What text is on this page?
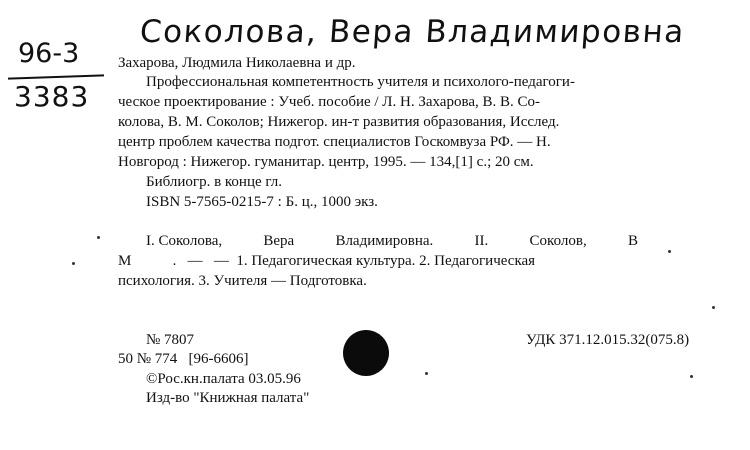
Соколова, Вера Владимировна
96-3
3383
Захарова, Людмила Николаевна и др.
Профессиональная компетентность учителя и психолого-педагоги-
ческое проектирование : Учеб. пособие / Л. Н. Захарова, В. В. Со-
колова, В. М. Соколов; Нижегор. ин-т развития образования, Исслед.
центр проблем качества подгот. специалистов Госкомвуза РФ. — Н.
Новгород : Нижегор. гуманитар. центр, 1995. — 134,[1] с.; 20 см.
Библиогр. в конце гл.
ISBN 5-7565-0215-7 : Б. ц., 1000 экз.
I. Соколова,	Вера	Владимировна.	II.	Соколов,	В
М           .   —   —  1. Педагогическая культура. 2. Педагогическая
психология. 3. Учителя — Подготовка.
№ 7807	УДК 371.12.015.32(075.8)
50 № 774   [96-6606]
©Рос.кн.палата 03.05.96
Изд-во "Книжная палата"
